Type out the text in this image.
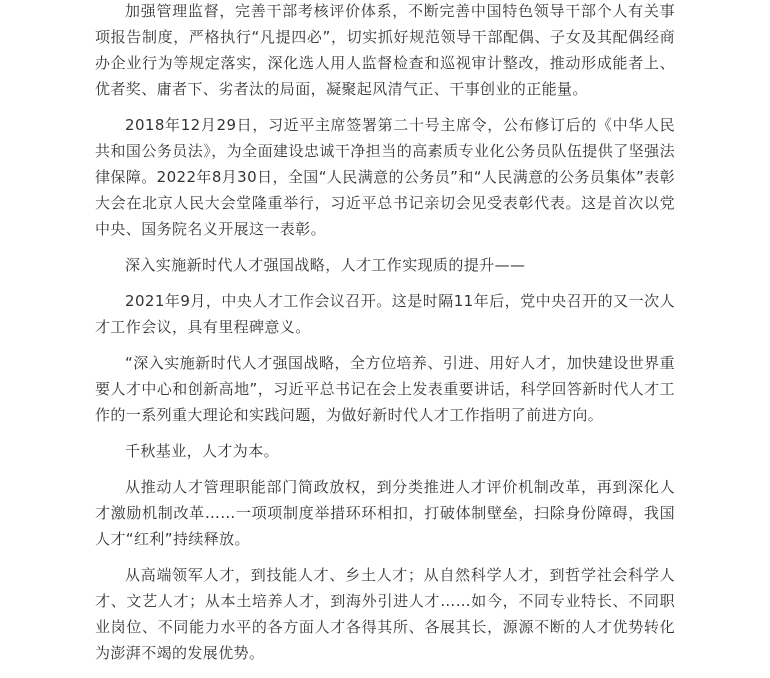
加强管理监督，完善干部考核评价体系，不断完善中国特色领导干部个人有关事项报告制度，严格执行“凡提四必”，切实抓好规范领导干部配偶、子女及其配偶经商办企业行为等规定落实，深化选人用人监督检查和巡视审计整改，推动形成能者上、优者奖、庸者下、劣者汰的局面，凝聚起风清气正、干事创业的正能量。

2018年12月29日，习近平主席签署第二十号主席令，公布修订后的《中华人民共和国公务员法》，为全面建设忠诚干净担当的高素质专业化公务员队伍提供了坚强法律保障。2022年8月30日，全国“人民满意的公务员”和“人民满意的公务员集体”表彰大会在北京人民大会堂隆重举行，习近平总书记亲切会见受表彰代表。这是首次以党中央、国务院名义开展这一表彰。

深入实施新时代人才强国战略，人才工作实现质的提升——

2021年9月，中央人才工作会议召开。这是时隔11年后，党中央召开的又一次人才工作会议，具有里程碑意义。

“深入实施新时代人才强国战略，全方位培养、引进、用好人才，加快建设世界重要人才中心和创新高地”，习近平总书记在会上发表重要讲话，科学回答新时代人才工作的一系列重大理论和实践问题，为做好新时代人才工作指明了前进方向。

千秋基业，人才为本。

从推动人才管理职能部门简政放权，到分类推进人才评价机制改革，再到深化人才激励机制改革……一项项制度举措环环相扣，打破体制壁垒，扫除身份障碍，我国人才“红利”持续释放。

从高端领军人才，到技能人才、乡土人才；从自然科学人才，到哲学社会科学人才、文艺人才；从本土培养人才，到海外引进人才……如今，不同专业特长、不同职业岗位、不同能力水平的各方面人才各得其所、各展其长，源源不断的人才优势转化为澎湃不竭的发展优势。
